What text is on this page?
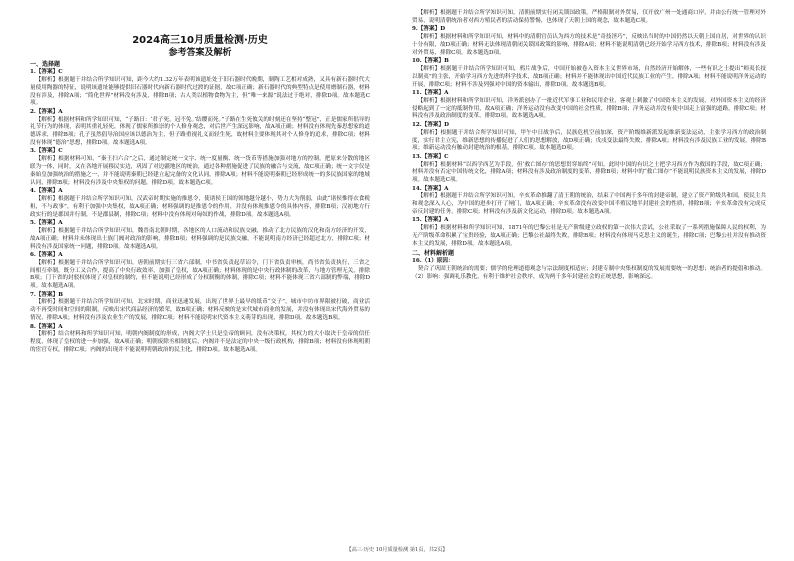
2024高三10月质量检测·历史
参考答案及解析
一、选择题
1.【答案】C
【解析】根据题干并结合所学知识可知，距今大约1.32万年表明该遗址处于旧石器时代晚期，制陶工艺相对成熟，又具有新石器时代大量使用陶器的特征，说明该遗址能够提供旧石器时代向新石器时代过渡的证据，故C项正确；新石器时代的典型特点是使用磨制石器，材料没有涉及，排除A项；“简化世界”材料没有涉及，排除B项；古人类以植物食物为主，但“唯一来源”说法过于绝对，排除D项。故本题选C项。
2.【答案】A
【解析】根据材料和所学知识可知，“子路曰：‘君子死，冠不免。’结缨而死。”子路在生死攸关的时刻还在坚持“整冠”，正是儒家所倡导的礼节行为的体现，表明其重礼轻死，体现了儒家所推崇的个人修身观念，对后世产生深远影响，故A项正确；材料没有体现先秦思想家的道德诉求，排除B项；孔子虽然倡导治国应该以德治为主，但子路重视礼义而轻生死，故材料主要体现其对个人修身的追求，排除C项；材料没有体现“德治”思想，排除D项。故本题选A项。
3.【答案】C
【解析】根据材料可知，“秦王扫六合”之后，通过制定统一文字、统一度量衡、统一货币等措施加强对地方的控制，把原来分散的地区联为一体，同时，又在各地开展移民实边，巩固了对边疆地区的统治，通过各种措施促进了民族的融合与交流，故C项正确；统一文字仅是秦始皇加强统治的措施之一，并不能说明秦朝已经建立起完备的文化认同，排除A项；材料不能说明秦朝已经形成统一的多民族国家的地域认同，排除B项；材料没有涉及中央集权的问题，排除D项。故本题选C项。
4.【答案】A
【解析】根据题干并结合所学知识可知，汉武帝时期实施的推恩令，使诸侯王国的领地越分越小，势力大为削弱，由此“诸侯惟得衣食税租，不与政事”，有利于加强中央集权，故A项正确；材料强调的是推恩令的作用，并没有体现推恩令的具体内容，排除B项；汉初地方行政实行的是郡国并行制，不是郡县制，排除C项；材料中没有体现对匈奴的作战，排除D项。故本题选A项。
5.【答案】A
【解析】根据题干并结合所学知识可知，魏晋南北朝时期，各地区的人口流动和民族交融，推动了北方民族的汉化和南方经济的开发，故A项正确；材料并未体现出士族门阀对政治的影响，排除B项；材料强调的是民族交融，不能说明南方经济已经超过北方，排除C项；材料没有涉及国家统一问题，排除D项。故本题选A项。
6.【答案】A
【解析】根据题干并结合所学知识可知，唐朝前期实行三省六部制，中书省负责起草诏令，门下省负责审核，尚书省负责执行，三省之间相互牵制，既分工又合作，提高了中央行政效率，加强了皇权，故A项正确；材料体现的是中央行政体制的改革，与地方管理无关，排除B项；门下省的封驳权体现了对皇权的制约，但不能说明已经形成了分权制衡的体制，排除C项；材料不能体现三省六部制的弊端，排除D项。故本题选A项。
7.【答案】B
【解析】根据题干并结合所学知识可知，北宋时期，商业迅速发展，出现了世界上最早的纸币“交子”，城市中坊市界限被打破，商业活动不再受时间和空间的限制，反映出宋代商品经济的繁荣，故B项正确；材料反映的是宋代城市商业的发展，并没有体现出宋代海外贸易的情况，排除A项；材料没有涉及农业生产的发展，排除C项；材料不能说明宋代资本主义萌芽的出现，排除D项。故本题选B项。
8.【答案】A
【解析】结合材料和所学知识可知，明朝内阁制度的形成，内阁大学士只是皇帝的顾问，没有决策权，其权力的大小取决于皇帝的信任程度，体现了皇权的进一步加强，故A项正确；明朝废除丞相制度后，内阁并不是法定的中央一级行政机构，排除B项；材料没有体现明朝的宦官专权，排除C项；内阁的出现并不能说明明朝政治的民主化，排除D项。故本题选A项。
【解析】根据题干并结合所学知识可知，清朝前期实行闭关锁国政策，严格限制对外贸易，仅开放广州一处通商口岸，并由公行统一管理对外贸易，说明清朝统治者对西方殖民者的活动保持警惕，也体现了天朝上国的观念，故本题选C项。
9.【答案】D
【解析】根据材料和所学知识可知，材料中的清朝官员认为西方的技术是“奇技淫巧”，反映出当时的中国仍然以天朝上国自居，对世界的认识十分有限，故D项正确；材料无法体现清朝闭关锁国政策的影响，排除A项；材料不能说明清朝已经开始学习西方技术，排除B项；材料没有涉及对外贸易，排除C项。故本题选D项。
10.【答案】B
【解析】根据题干并结合所学知识可知，鸦片战争后，中国开始被卷入资本主义世界市场，自然经济开始解体，一些有识之士提出“师夷长技以制夷”的主张，开始学习西方先进的科学技术，故B项正确；材料并不能体现出中国近代民族工业的产生，排除A项；材料不能说明洋务运动的开展，排除C项；材料不涉及列强对中国的资本输出，排除D项。故本题选B项。
11.【答案】A
【解析】根据材料和所学知识可知，洋务派创办了一批近代军事工业和民用企业，客观上刺激了中国资本主义的发展，对外国资本主义的经济侵略起到了一定的抵制作用，故A项正确；洋务运动没有改变中国的社会性质，排除B项；洋务运动并没有使中国走上富强的道路，排除C项；材料没有涉及政治制度的变革，排除D项。故本题选A项。
12.【答案】D
【解析】根据题干并结合所学知识可知，甲午中日战争后，民族危机空前加深，资产阶级维新派发起维新变法运动，主张学习西方的政治制度，实行君主立宪，维新思想的传播促进了人们的思想解放，故D项正确；戊戌变法最终失败，排除A项；材料没有涉及民族工业的发展，排除B项；维新运动没有触动封建统治的根基，排除C项。故本题选D项。
13.【答案】C
【解析】根据材料“以西学西艺为手段，但‘救亡图存’的思想贯穿始终”可知，此时中国的有识之士把学习西方作为救国的手段，故C项正确；材料并没有否定中国传统文化，排除A项；材料没有涉及政治制度的变革，排除B项；材料中的“救亡图存”不能说明民族资本主义的发展，排除D项。故本题选C项。
14.【答案】A
【解析】根据题干并结合所学知识可知，辛亥革命推翻了清王朝的统治，结束了中国两千多年的封建帝制，建立了资产阶级共和国，使民主共和观念深入人心，为中国的进步打开了闸门，故A项正确；辛亥革命没有改变中国半殖民地半封建社会的性质，排除B项；辛亥革命没有完成反帝反封建的任务，排除C项；材料没有涉及新文化运动，排除D项。故本题选A项。
15.【答案】A
【解析】根据材料和所学知识可知，1871年的巴黎公社是无产阶级建立政权的第一次伟大尝试，公社采取了一系列措施保障人民的权利，为无产阶级革命积累了宝贵经验，故A项正确；巴黎公社最终失败，排除B项；材料没有体现马克思主义的诞生，排除C项；巴黎公社并没有推动资本主义的发展，排除D项。故本题选A项。
二、材料解析题
16.（1）原因：
契合了巩固王朝统治的需要；儒学的伦理道德观念与宗法制度相适应；封建专制中央集权制度的发展需要统一的思想；统治者的提倡和推动。（2）影响：强调礼乐教化，有利于维护社会秩序，成为两千多年封建社会的正统思想，影响深远。
【高三·历史 10月质量检测 第1页，共2页】
